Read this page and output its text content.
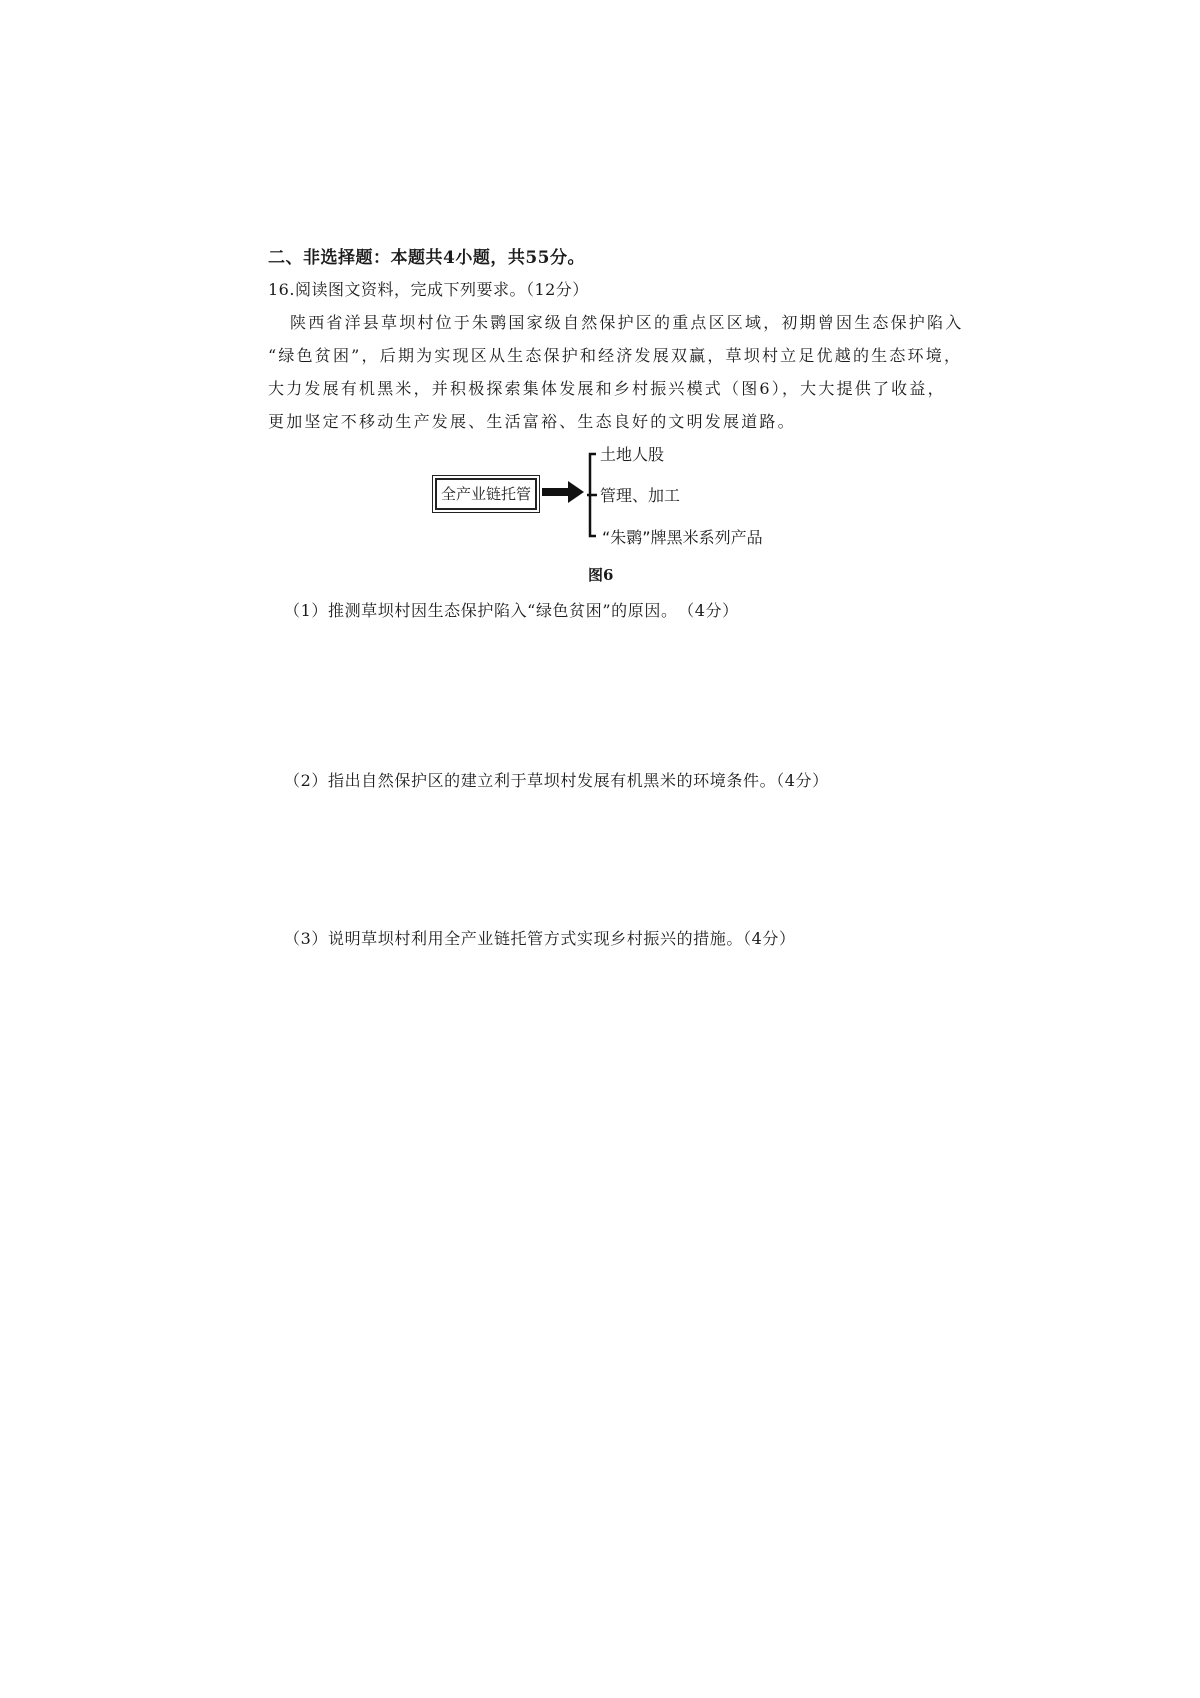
二、非选择题：本题共4小题，共55分。
16.阅读图文资料，完成下列要求。（12分）
陕西省洋县草坝村位于朱鹮国家级自然保护区的重点区区域，初期曾因生态保护陷入
“绿色贫困”，后期为实现区从生态保护和经济发展双赢，草坝村立足优越的生态环境，
大力发展有机黑米，并积极探索集体发展和乡村振兴模式（图6），大大提供了收益，
更加坚定不移动生产发展、生活富裕、生态良好的文明发展道路。
全产业链托管
土地人股
管理、加工
“朱鹮”牌黑米系列产品
图6
（1）推测草坝村因生态保护陷入“绿色贫困”的原因。　（4分）
（2）指出自然保护区的建立利于草坝村发展有机黑米的环境条件。（4分）
（3）说明草坝村利用全产业链托管方式实现乡村振兴的措施。（4分）
